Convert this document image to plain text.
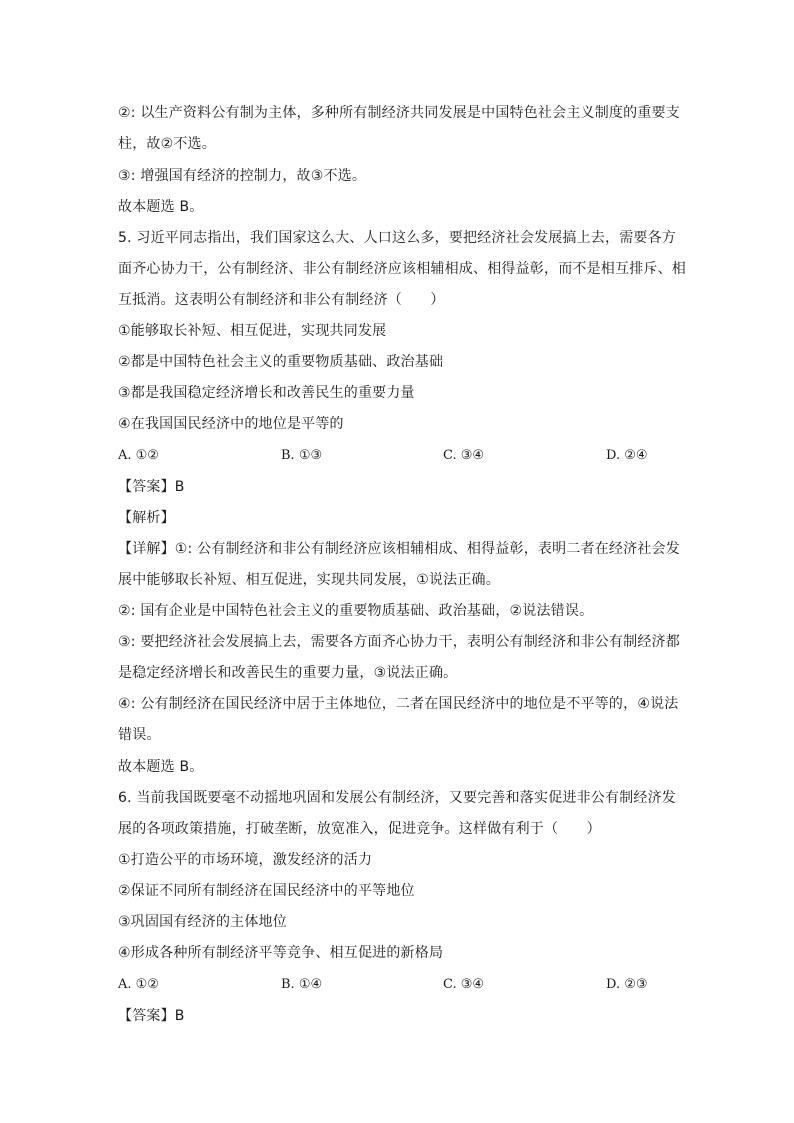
②: 以生产资料公有制为主体，多种所有制经济共同发展是中国特色社会主义制度的重要支
柱，故②不选。
③: 增强国有经济的控制力，故③不选。
故本题选 B。
5. 习近平同志指出，我们国家这么大、人口这么多，要把经济社会发展搞上去，需要各方
面齐心协力干，公有制经济、非公有制经济应该相辅相成、相得益彰，而不是相互排斥、相
互抵消。这表明公有制经济和非公有制经济（　　）
①能够取长补短、相互促进，实现共同发展
②都是中国特色社会主义的重要物质基础、政治基础
③都是我国稳定经济增长和改善民生的重要力量
④在我国国民经济中的地位是平等的
A. ①②	B. ①③	C. ③④	D. ②④
【答案】B
【解析】
【详解】①: 公有制经济和非公有制经济应该相辅相成、相得益彰，表明二者在经济社会发
展中能够取长补短、相互促进，实现共同发展，①说法正确。
②: 国有企业是中国特色社会主义的重要物质基础、政治基础，②说法错误。
③: 要把经济社会发展搞上去，需要各方面齐心协力干，表明公有制经济和非公有制经济都
是稳定经济增长和改善民生的重要力量，③说法正确。
④: 公有制经济在国民经济中居于主体地位，二者在国民经济中的地位是不平等的，④说法
错误。
故本题选 B。
6. 当前我国既要毫不动摇地巩固和发展公有制经济，又要完善和落实促进非公有制经济发
展的各项政策措施，打破垄断，放宽准入，促进竞争。这样做有利于（　　）
①打造公平的市场环境，激发经济的活力
②保证不同所有制经济在国民经济中的平等地位
③巩固国有经济的主体地位
④形成各种所有制经济平等竞争、相互促进的新格局
A. ①②	B. ①④	C. ③④	D. ②③
【答案】B
